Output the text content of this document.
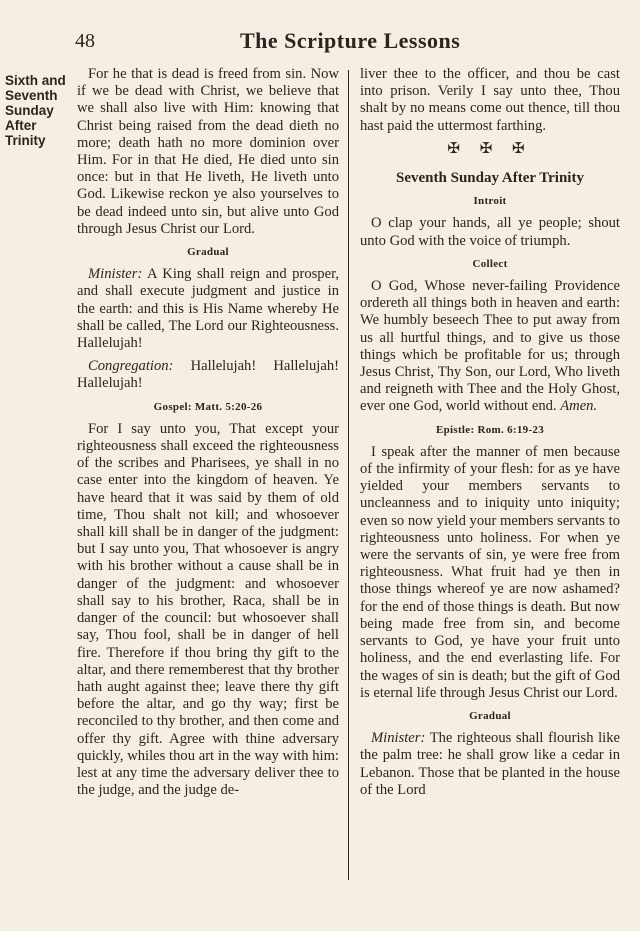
48	The Scripture Lessons
Sixth and
Seventh
Sunday
After
Trinity

For he that is dead is freed from sin. Now if we be dead with Christ, we believe that we shall also live with Him: knowing that Christ being raised from the dead dieth no more; death hath no more dominion over Him. For in that He died, He died unto sin once: but in that He liveth, He liveth unto God. Likewise reckon ye also yourselves to be dead indeed unto sin, but alive unto God through Jesus Christ our Lord.

Gradual

Minister: A King shall reign and prosper, and shall execute judgment and justice in the earth: and this is His Name whereby He shall be called, The Lord our Righteousness. Hallelujah!

Congregation: Hallelujah! Hallelujah! Hallelujah!

Gospel: Matt. 5:20-26

For I say unto you, That except your righteousness shall exceed the righteousness of the scribes and Pharisees, ye shall in no case enter into the kingdom of heaven. Ye have heard that it was said by them of old time, Thou shalt not kill; and whosoever shall kill shall be in danger of the judgment: but I say unto you, That whosoever is angry with his brother without a cause shall be in danger of the judgment: and whosoever shall say to his brother, Raca, shall be in danger of the council: but whosoever shall say, Thou fool, shall be in danger of hell fire. Therefore if thou bring thy gift to the altar, and there rememberest that thy brother hath aught against thee; leave there thy gift before the altar, and go thy way; first be reconciled to thy brother, and then come and offer thy gift. Agree with thine adversary quickly, whiles thou art in the way with him: lest at any time the adversary deliver thee to the judge, and the judge de-

liver thee to the officer, and thou be cast into prison. Verily I say unto thee, Thou shalt by no means come out thence, till thou hast paid the uttermost farthing.

✠ ✠ ✠
Seventh Sunday After Trinity
Introit

O clap your hands, all ye people; shout unto God with the voice of triumph.

Collect

O God, Whose never-failing Providence ordereth all things both in heaven and earth: We humbly beseech Thee to put away from us all hurtful things, and to give us those things which be profitable for us; through Jesus Christ, Thy Son, our Lord, Who liveth and reigneth with Thee and the Holy Ghost, ever one God, world without end. Amen.

Epistle: Rom. 6:19-23

I speak after the manner of men because of the infirmity of your flesh: for as ye have yielded your members servants to uncleanness and to iniquity unto iniquity; even so now yield your members servants to righteousness unto holiness. For when ye were the servants of sin, ye were free from righteousness. What fruit had ye then in those things whereof ye are now ashamed? for the end of those things is death. But now being made free from sin, and become servants to God, ye have your fruit unto holiness, and the end everlasting life. For the wages of sin is death; but the gift of God is eternal life through Jesus Christ our Lord.

Gradual

Minister: The righteous shall flourish like the palm tree: he shall grow like a cedar in Lebanon. Those that be planted in the house of the Lord
